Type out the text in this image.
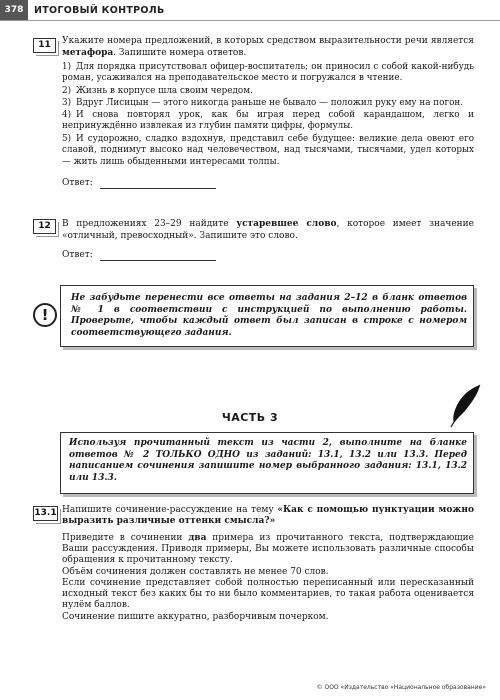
378	ИТОГОВЫЙ КОНТРОЛЬ
11	Укажите номера предложений, в которых средством выразительности речи является метафора. Запишите номера ответов.
1) Для порядка присутствовал офицер-воспитатель; он приносил с собой какой-нибудь роман, усаживался на преподавательское место и погружался в чтение.
2) Жизнь в корпусе шла своим чередом.
3) Вдруг Лисицын — этого никогда раньше не бывало — положил руку ему на погон.
4) И снова повторял урок, как бы играя перед собой карандашом, легко и непринуждённо извлекая из глубин памяти цифры, формулы.
5) И судорожно, сладко вздохнув, представил себе будущее: великие дела овеют его славой, поднимут высоко над человечеством, над тысячами, тысячами, удел которых — жить лишь обыденными интересами толпы.
Ответ:
12	В предложениях 23–29 найдите устаревшее слово, которое имеет значение «отличный, превосходный». Запишите это слово.
Ответ:
!
Не забудьте перенести все ответы на задания 2–12 в бланк ответов № 1 в соответствии с инструкцией по выполнению работы. Проверьте, чтобы каждый ответ был записан в строке с номером соответствующего задания.
ЧАСТЬ 3
Используя прочитанный текст из части 2, выполните на бланке ответов № 2 ТОЛЬКО ОДНО из заданий: 13.1, 13.2 или 13.3. Перед написанием сочинения запишите номер выбранного задания: 13.1, 13.2 или 13.3.
13.1 Напишите сочинение-рассуждение на тему «Как с помощью пунктуации можно выразить различные оттенки смысла?»
Приведите в сочинении два примера из прочитанного текста, подтверждающие Ваши рассуждения. Приводя примеры, Вы можете использовать различные способы обращения к прочитанному тексту.
Объём сочинения должен составлять не менее 70 слов.
Если сочинение представляет собой полностью переписанный или пересказанный исходный текст без каких бы то ни было комментариев, то такая работа оценивается нулём баллов.
Сочинение пишите аккуратно, разборчивым почерком.
© ООО «Издательство «Национальное образование»
